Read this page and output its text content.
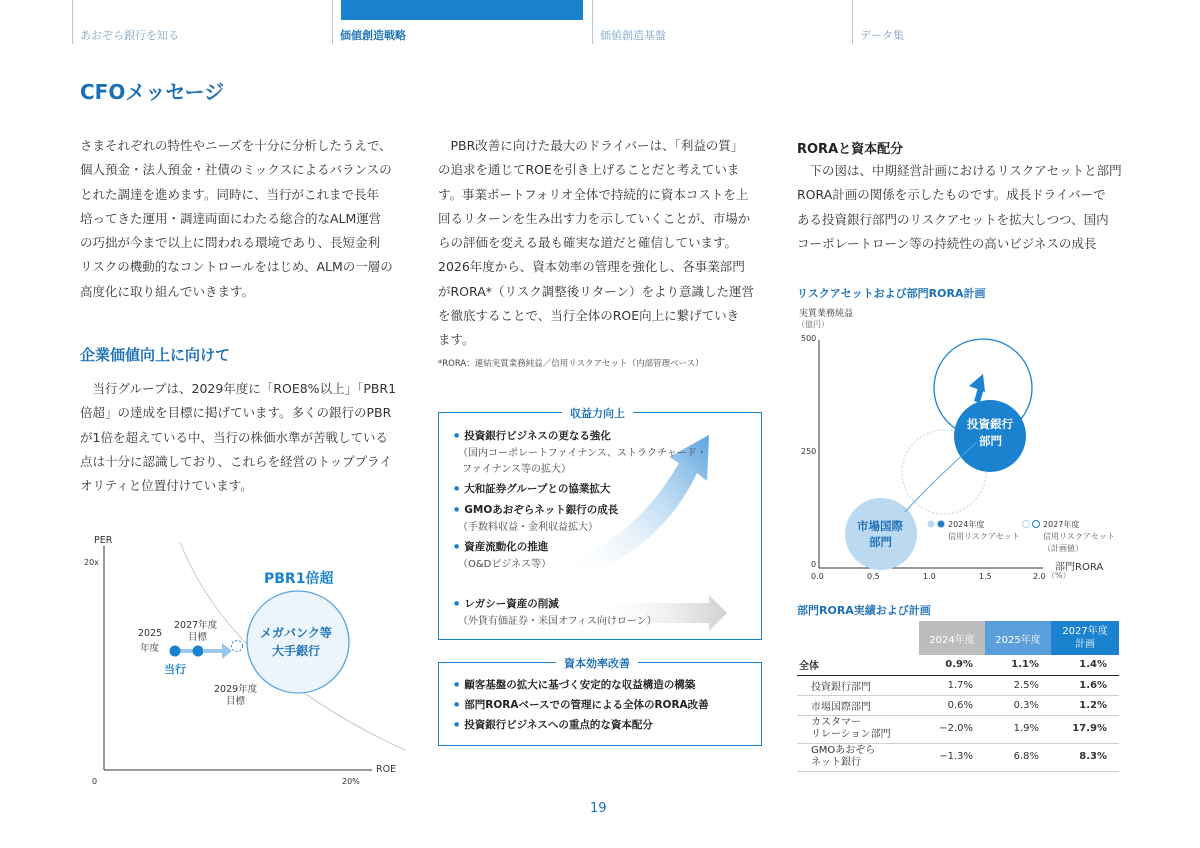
あおぞら銀行を知る	価値創造戦略	価値創造基盤	データ集
CFOメッセージ

さまそれぞれの特性やニーズを十分に分析したうえで、

個人預金・法人預金・社債のミックスによるバランスの

とれた調達を進めます。同時に、当行がこれまで長年

培ってきた運用・調達両面にわたる総合的なALM運営

の巧拙が今まで以上に問われる環境であり、長短金利

リスクの機動的なコントロールをはじめ、ALMの一層の

高度化に取り組んでいきます。

企業価値向上に向けて

　当行グループは、2029年度に「ROE8%以上」「PBR1

倍超」の達成を目標に掲げています。多くの銀行のPBR

が1倍を超えている中、当行の株価水準が苦戦している

点は十分に認識しており、これらを経営のトッププライ

オリティと位置付けています。

PER
20x
ROE
20%
0
PBR1倍超
メガバンク等
大手銀行
2025
年度
当行
2027年度
目標
2029年度
目標

　PBR改善に向けた最大のドライバーは、「利益の質」

の追求を通じてROEを引き上げることだと考えていま

す。事業ポートフォリオ全体で持続的に資本コストを上

回るリターンを生み出す力を示していくことが、市場か

らの評価を変える最も確実な道だと確信しています。

2026年度から、資本効率の管理を強化し、各事業部門

がRORA*（リスク調整後リターン）をより意識した運営

を徹底することで、当行全体のROE向上に繋げていき

ます。

*RORA：連結実質業務純益／信用リスクアセット（内部管理ベース）
収益力向上
● 投資銀行ビジネスの更なる強化
（国内コーポレートファイナンス、ストラクチャード・
ファイナンス等の拡大）
● 大和証券グループとの協業拡大
● GMOあおぞらネット銀行の成長
（手数料収益・金利収益拡大）
● 資産流動化の推進
（O&Dビジネス等）
● レガシー資産の削減
（外貨有価証券・米国オフィス向けローン）
資本効率改善
● 顧客基盤の拡大に基づく安定的な収益構造の構築
● 部門RORAベースでの管理による全体のRORA改善
● 投資銀行ビジネスへの重点的な資本配分
RORAと資本配分

　下の図は、中期経営計画におけるリスクアセットと部門

RORA計画の関係を示したものです。成長ドライバーで

ある投資銀行部門のリスクアセットを拡大しつつ、国内

コーポレートローン等の持続性の高いビジネスの成長

リスクアセットおよび部門RORA計画
実質業務純益
（億円）
500
250
0
0.0	0.5	1.0	1.5	2.0
部門RORA
（%）
投資銀行
部門
市場国際
部門
2024年度
信用リスクアセット
2027年度
信用リスクアセット
（計画値）
部門RORA実績および計画
	2024年度	2025年度	2027年度
計画
全体	0.9%	1.1%	1.4%
投資銀行部門	1.7%	2.5%	1.6%
市場国際部門	0.6%	0.3%	1.2%
カスタマー
リレーション部門	−2.0%	1.9%	17.9%
GMOあおぞら
ネット銀行	−1.3%	6.8%	8.3%
19
